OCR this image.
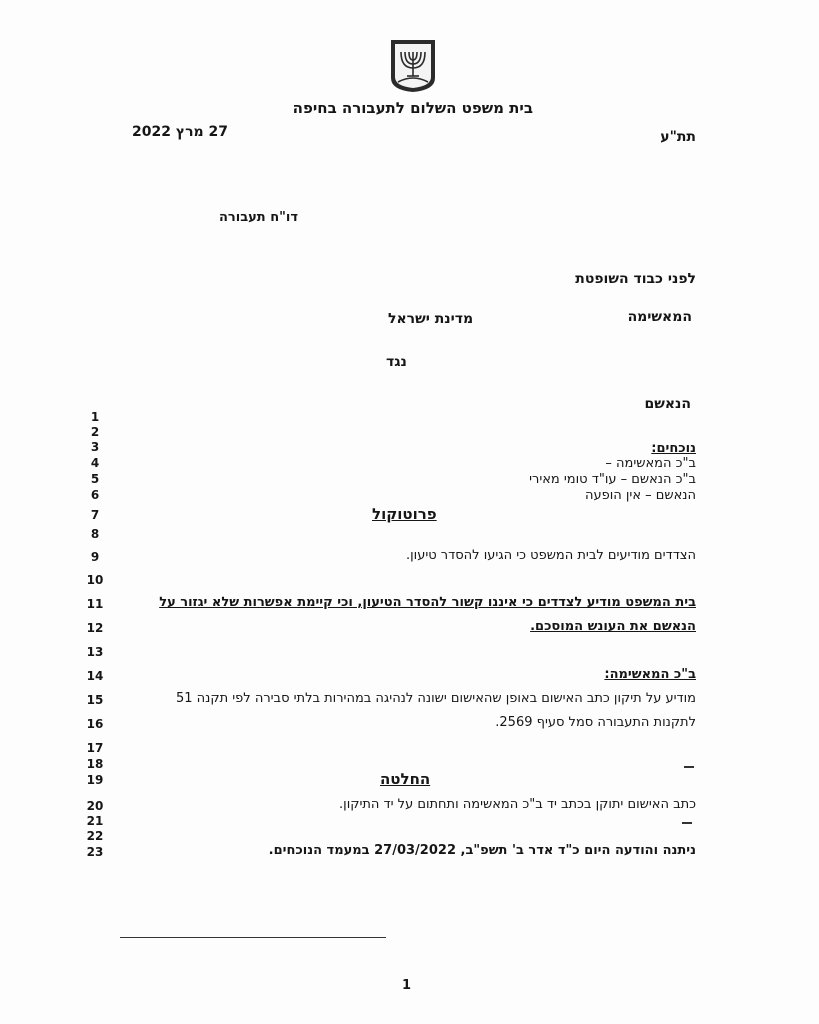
בית משפט השלום לתעבורה בחיפה
תת"ע
27 מרץ 2022
דו"ח תעבורה
לפני כבוד השופטת
המאשימה
מדינת ישראל
נגד
הנאשם
1
2
3
4
5
6
7
8
9
10
11
12
13
14
15
16
17
18
19
20
21
22
23
נוכחים:
ב"כ המאשימה –
ב"כ הנאשם – עו"ד טומי מאירי
הנאשם – אין הופעה
פרוטוקול
הצדדים מודיעים לבית המשפט כי הגיעו להסדר טיעון.
בית המשפט מודיע לצדדים כי איננו קשור להסדר הטיעון, וכי קיימת אפשרות שלא יגזור על
הנאשם את העונש המוסכם.
ב"כ המאשימה:
מודיע על תיקון כתב האישום באופן שהאישום ישונה לנהיגה במהירות בלתי סבירה לפי תקנה 51
לתקנות התעבורה סמל סעיף 2569.
החלטה
כתב האישום יתוקן בכתב יד ב"כ המאשימה ותחתום על יד התיקון.
ניתנה והודעה היום כ"ד אדר ב' תשפ"ב, 27/03/2022 במעמד הנוכחים.
1
